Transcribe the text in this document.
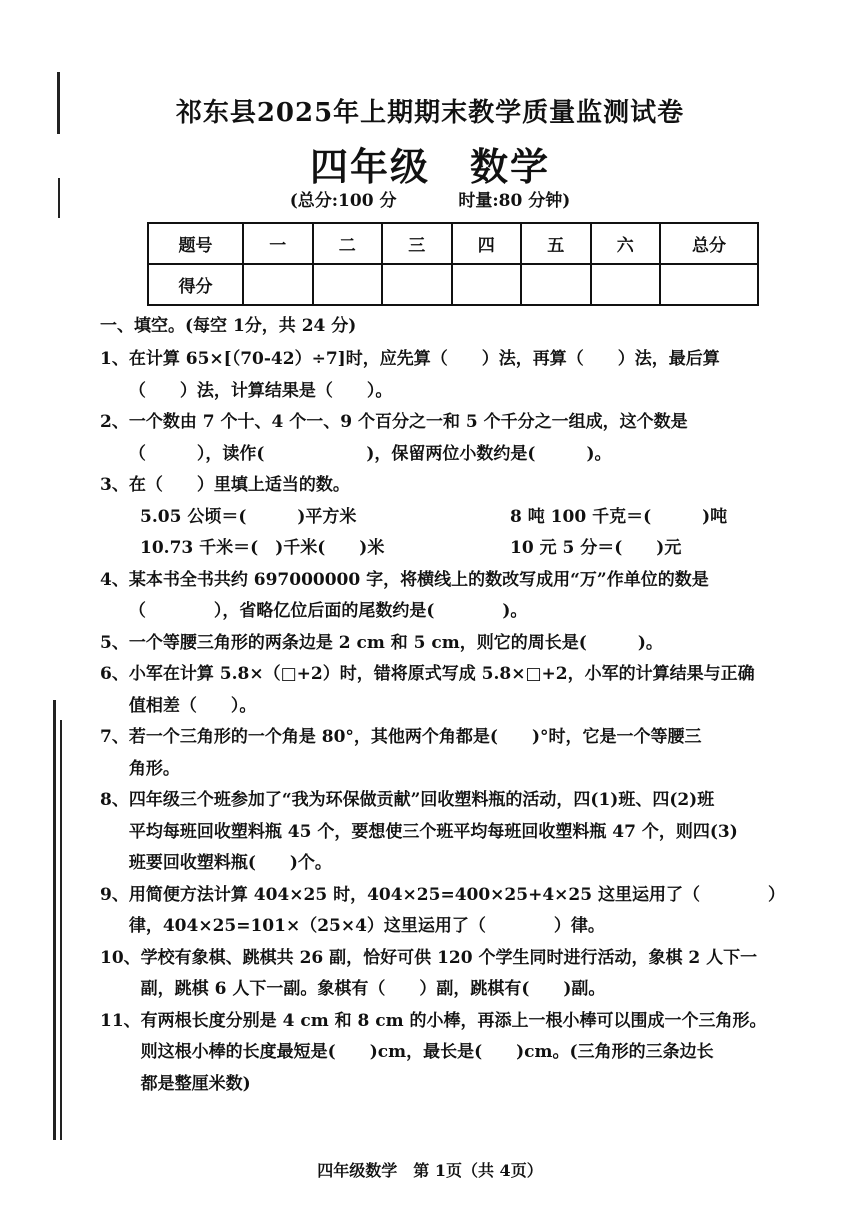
祁东县2025年上期期末教学质量监测试卷
四年级　数学
(总分:100 分	时量:80 分钟)
题号	一	二	三	四	五	六	总分
得分							
一、填空。(每空 1分，共 24 分)
1、 在计算 65×[（70-42）÷7]时，应先算（　　）法，再算（　　）法，最后算
（　　）法，计算结果是（　　）。
2、 一个数由 7 个十、4 个一、9 个百分之一和 5 个千分之一组成，这个数是
（　　　），读作(　　　　　　)，保留两位小数约是(　　　)。
3、 在（　　）里填上适当的数。
5.05 公顷＝(　　　)平方米	8 吨 100 千克＝(　　　)吨
10.73 千米＝(　)千米(　　)米	10 元 5 分＝(　　)元
4、 某本书全书共约 697000000 字，将横线上的数改写成用“万”作单位的数是
（　　　　），省略亿位后面的尾数约是(　　　　)。
5、 一个等腰三角形的两条边是 2 cm 和 5 cm，则它的周长是(　　　)。
6、 小军在计算 5.8×（□+2）时，错将原式写成 5.8×□+2，小军的计算结果与正确
值相差（　　）。
7、 若一个三角形的一个角是 80°，其他两个角都是(　　)°时，它是一个等腰三
角形。
8、 四年级三个班参加了“我为环保做贡献”回收塑料瓶的活动，四(1)班、四(2)班
平均每班回收塑料瓶 45 个，要想使三个班平均每班回收塑料瓶 47 个，则四(3)
班要回收塑料瓶(　　)个。
9、 用简便方法计算 404×25 时，404×25=400×25+4×25 这里运用了（　　　　）
律，404×25=101×（25×4）这里运用了（　　　　）律。
10、 学校有象棋、跳棋共 26 副，恰好可供 120 个学生同时进行活动，象棋 2 人下一
副，跳棋 6 人下一副。象棋有（　　）副，跳棋有(　　)副。
11、 有两根长度分别是 4 cm 和 8 cm 的小棒，再添上一根小棒可以围成一个三角形。
则这根小棒的长度最短是(　　)cm，最长是(　　)cm。(三角形的三条边长
都是整厘米数)
四年级数学　第 1页（共 4页）
